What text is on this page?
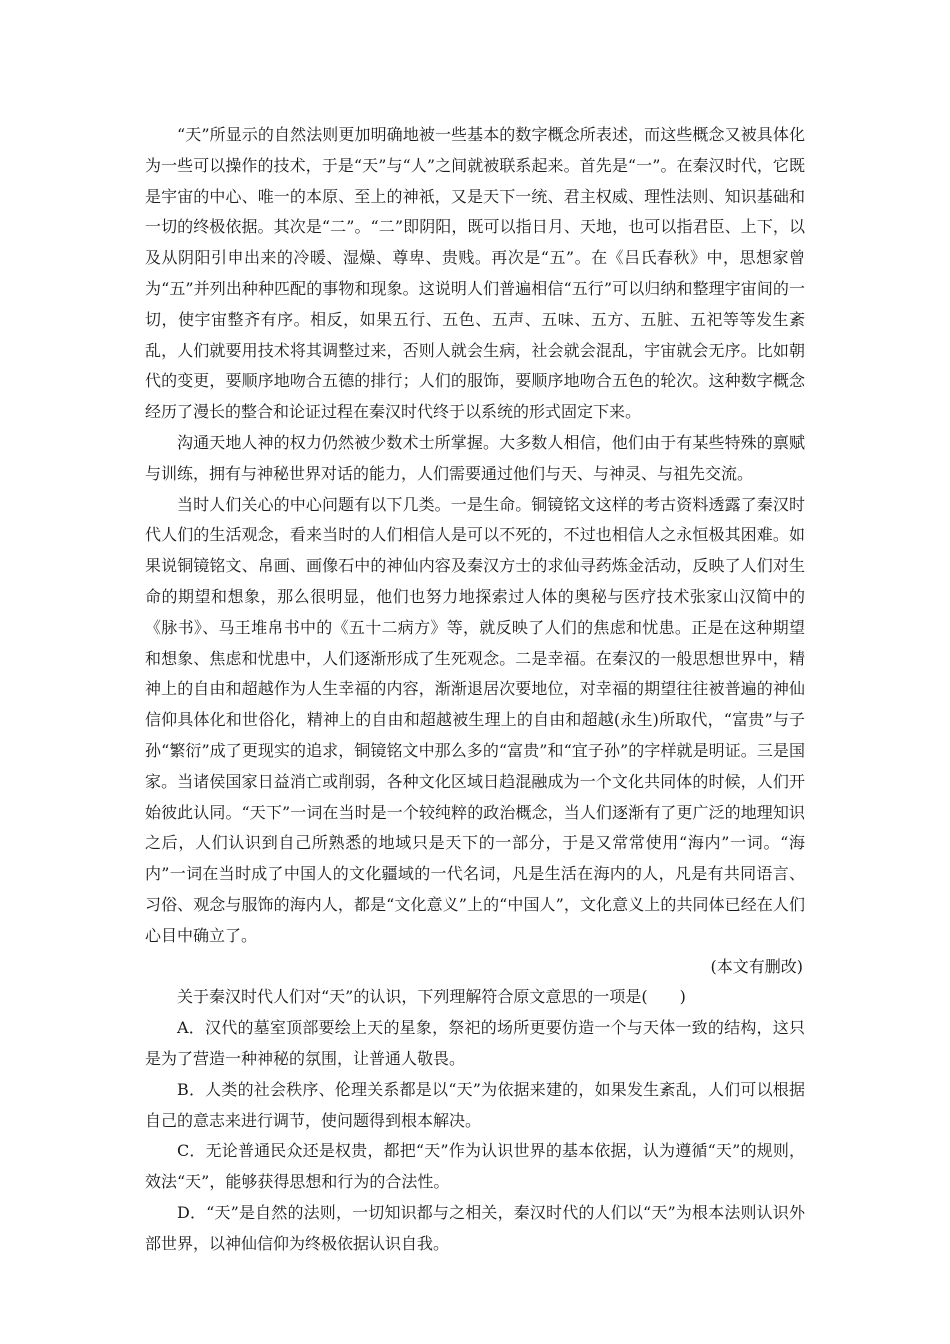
“天”所显示的自然法则更加明确地被一些基本的数字概念所表述，而这些概念又被具体化为一些可以操作的技术，于是“天”与“人”之间就被联系起来。首先是“一”。在秦汉时代，它既是宇宙的中心、唯一的本原、至上的神祇，又是天下一统、君主权威、理性法则、知识基础和一切的终极依据。其次是“二”。“二”即阴阳，既可以指日月、天地，也可以指君臣、上下，以及从阴阳引申出来的冷暖、湿燥、尊卑、贵贱。再次是“五”。在《吕氏春秋》中，思想家曾为“五”并列出种种匹配的事物和现象。这说明人们普遍相信“五行”可以归纳和整理宇宙间的一切，使宇宙整齐有序。相反，如果五行、五色、五声、五味、五方、五脏、五祀等等发生紊乱，人们就要用技术将其调整过来，否则人就会生病，社会就会混乱，宇宙就会无序。比如朝代的变更，要顺序地吻合五德的排行；人们的服饰，要顺序地吻合五色的轮次。这种数字概念经历了漫长的整合和论证过程在秦汉时代终于以系统的形式固定下来。

沟通天地人神的权力仍然被少数术士所掌握。大多数人相信，他们由于有某些特殊的禀赋与训练，拥有与神秘世界对话的能力，人们需要通过他们与天、与神灵、与祖先交流。

当时人们关心的中心问题有以下几类。一是生命。铜镜铭文这样的考古资料透露了秦汉时代人们的生活观念，看来当时的人们相信人是可以不死的，不过也相信人之永恒极其困难。如果说铜镜铭文、帛画、画像石中的神仙内容及秦汉方士的求仙寻药炼金活动，反映了人们对生命的期望和想象，那么很明显，他们也努力地探索过人体的奥秘与医疗技术张家山汉简中的《脉书》、马王堆帛书中的《五十二病方》等，就反映了人们的焦虑和忧患。正是在这种期望和想象、焦虑和忧患中，人们逐渐形成了生死观念。二是幸福。在秦汉的一般思想世界中，精神上的自由和超越作为人生幸福的内容，渐渐退居次要地位，对幸福的期望往往被普遍的神仙信仰具体化和世俗化，精神上的自由和超越被生理上的自由和超越(永生)所取代，“富贵”与子孙“繁衍”成了更现实的追求，铜镜铭文中那么多的“富贵”和“宜子孙”的字样就是明证。三是国家。当诸侯国家日益消亡或削弱，各种文化区域日趋混融成为一个文化共同体的时候，人们开始彼此认同。“天下”一词在当时是一个较纯粹的政治概念，当人们逐渐有了更广泛的地理知识之后，人们认识到自己所熟悉的地域只是天下的一部分，于是又常常使用“海内”一词。“海内”一词在当时成了中国人的文化疆域的一代名词，凡是生活在海内的人，凡是有共同语言、习俗、观念与服饰的海内人，都是“文化意义”上的“中国人”，文化意义上的共同体已经在人们心目中确立了。

(本文有删改)

关于秦汉时代人们对“天”的认识，下列理解符合原文意思的一项是(　　)

A．汉代的墓室顶部要绘上天的星象，祭祀的场所更要仿造一个与天体一致的结构，这只是为了营造一种神秘的氛围，让普通人敬畏。

B．人类的社会秩序、伦理关系都是以“天”为依据来建的，如果发生紊乱，人们可以根据自己的意志来进行调节，使问题得到根本解决。

C．无论普通民众还是权贵，都把“天”作为认识世界的基本依据，认为遵循“天”的规则，效法“天”，能够获得思想和行为的合法性。

D．“天”是自然的法则，一切知识都与之相关，秦汉时代的人们以“天”为根本法则认识外部世界，以神仙信仰为终极依据认识自我。
